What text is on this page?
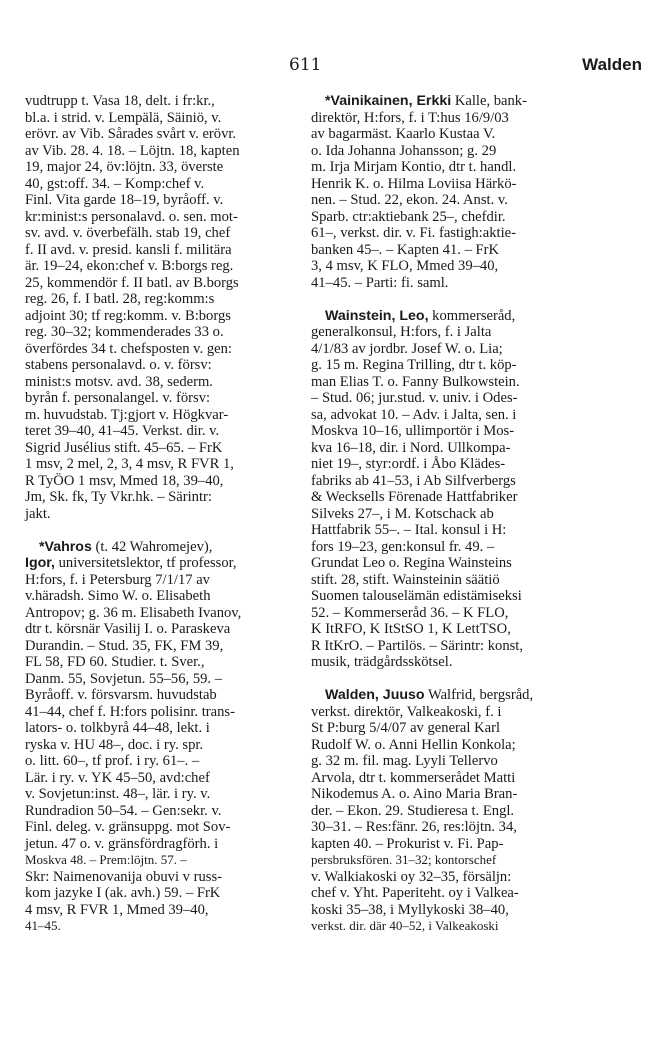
611	Walden
vudtrupp t. Vasa 18, delt. i fr:kr.,
bl.a. i strid. v. Lempälä, Säiniö, v.
erövr. av Vib. Sårades svårt v. erövr.
av Vib. 28. 4. 18. – Löjtn. 18, kapten
19, major 24, öv:löjtn. 33, överste
40, gst:off. 34. – Komp:chef v.
Finl. Vita garde 18–19, byråoff. v.
kr:minist:s personalavd. o. sen. mot-
sv. avd. v. överbefälh. stab 19, chef
f. II avd. v. presid. kansli f. militära
är. 19–24, ekon:chef v. B:borgs reg.
25, kommendör f. II batl. av B.borgs
reg. 26, f. I batl. 28, reg:komm:s
adjoint 30; tf reg:komm. v. B:borgs
reg. 30–32; kommenderades 33 o.
överfördes 34 t. chefsposten v. gen:
stabens personalavd. o. v. försv:
minist:s motsv. avd. 38, sederm.
byrån f. personalangel. v. försv:
m. huvudstab. Tj:gjort v. Högkvar-
teret 39–40, 41–45. Verkst. dir. v.
Sigrid Jusélius stift. 45–65. – FrK
1 msv, 2 mel, 2, 3, 4 msv, R FVR 1,
R TyÖO 1 msv, Mmed 18, 39–40,
Jm, Sk. fk, Ty Vkr.hk. – Särintr:
jakt.
*Vahros (t. 42 Wahromejev),
Igor, universitetslektor, tf professor,
H:fors, f. i Petersburg 7/1/17 av
v.häradsh. Simo W. o. Elisabeth
Antropov; g. 36 m. Elisabeth Ivanov,
dtr t. körsnär Vasilij I. o. Paraskeva
Durandin. – Stud. 35, FK, FM 39,
FL 58, FD 60. Studier. t. Sver.,
Danm. 55, Sovjetun. 55–56, 59. –
Byråoff. v. försvarsm. huvudstab
41–44, chef f. H:fors polisinr. trans-
lators- o. tolkbyrå 44–48, lekt. i
ryska v. HU 48–, doc. i ry. spr.
o. litt. 60–, tf prof. i ry. 61–. –
Lär. i ry. v. YK 45–50, avd:chef
v. Sovjetun:inst. 48–, lär. i ry. v.
Rundradion 50–54. – Gen:sekr. v.
Finl. deleg. v. gränsuppg. mot Sov-
jetun. 47 o. v. gränsfördragförh. i
Moskva 48. – Prem:löjtn. 57. –
Skr: Naimenovanija obuvi v russ-
kom jazyke I (ak. avh.) 59. – FrK
4 msv, R FVR 1, Mmed 39–40,
41–45.
*Vainikainen, Erkki Kalle, bank-
direktör, H:fors, f. i T:hus 16/9/03
av bagarmäst. Kaarlo Kustaa V.
o. Ida Johanna Johansson; g. 29
m. Irja Mirjam Kontio, dtr t. handl.
Henrik K. o. Hilma Loviisa Härkö-
nen. – Stud. 22, ekon. 24. Anst. v.
Sparb. ctr:aktiebank 25–, chefdir.
61–, verkst. dir. v. Fi. fastigh:aktie-
banken 45–. – Kapten 41. – FrK
3, 4 msv, K FLO, Mmed 39–40,
41–45. – Parti: fi. saml.
Wainstein, Leo, kommerseråd,
generalkonsul, H:fors, f. i Jalta
4/1/83 av jordbr. Josef W. o. Lia;
g. 15 m. Regina Trilling, dtr t. köp-
man Elias T. o. Fanny Bulkowstein.
– Stud. 06; jur.stud. v. univ. i Odes-
sa, advokat 10. – Adv. i Jalta, sen. i
Moskva 10–16, ullimportör i Mos-
kva 16–18, dir. i Nord. Ullkompa-
niet 19–, styr:ordf. i Åbo Klädes-
fabriks ab 41–53, i Ab Silfverbergs
& Wecksells Förenade Hattfabriker
Silveks 27–, i M. Kotschack ab
Hattfabrik 55–. – Ital. konsul i H:
fors 19–23, gen:konsul fr. 49. –
Grundat Leo o. Regina Wainsteins
stift. 28, stift. Wainsteinin säätiö
Suomen talouselämän edistämiseksi
52. – Kommerseråd 36. – K FLO,
K ItRFO, K ItStSO 1, K LettTSO,
R ItKrO. – Partilös. – Särintr: konst,
musik, trädgårdsskötsel.
Walden, Juuso Walfrid, bergsråd,
verkst. direktör, Valkeakoski, f. i
St P:burg 5/4/07 av general Karl
Rudolf W. o. Anni Hellin Konkola;
g. 32 m. fil. mag. Lyyli Tellervo
Arvola, dtr t. kommerserådet Matti
Nikodemus A. o. Aino Maria Bran-
der. – Ekon. 29. Studieresa t. Engl.
30–31. – Res:fänr. 26, res:löjtn. 34,
kapten 40. – Prokurist v. Fi. Pap-
persbruksfören. 31–32; kontorschef
v. Walkiakoski oy 32–35, försäljn:
chef v. Yht. Paperiteht. oy i Valkea-
koski 35–38, i Myllykoski 38–40,
verkst. dir. där 40–52, i Valkeakoski
